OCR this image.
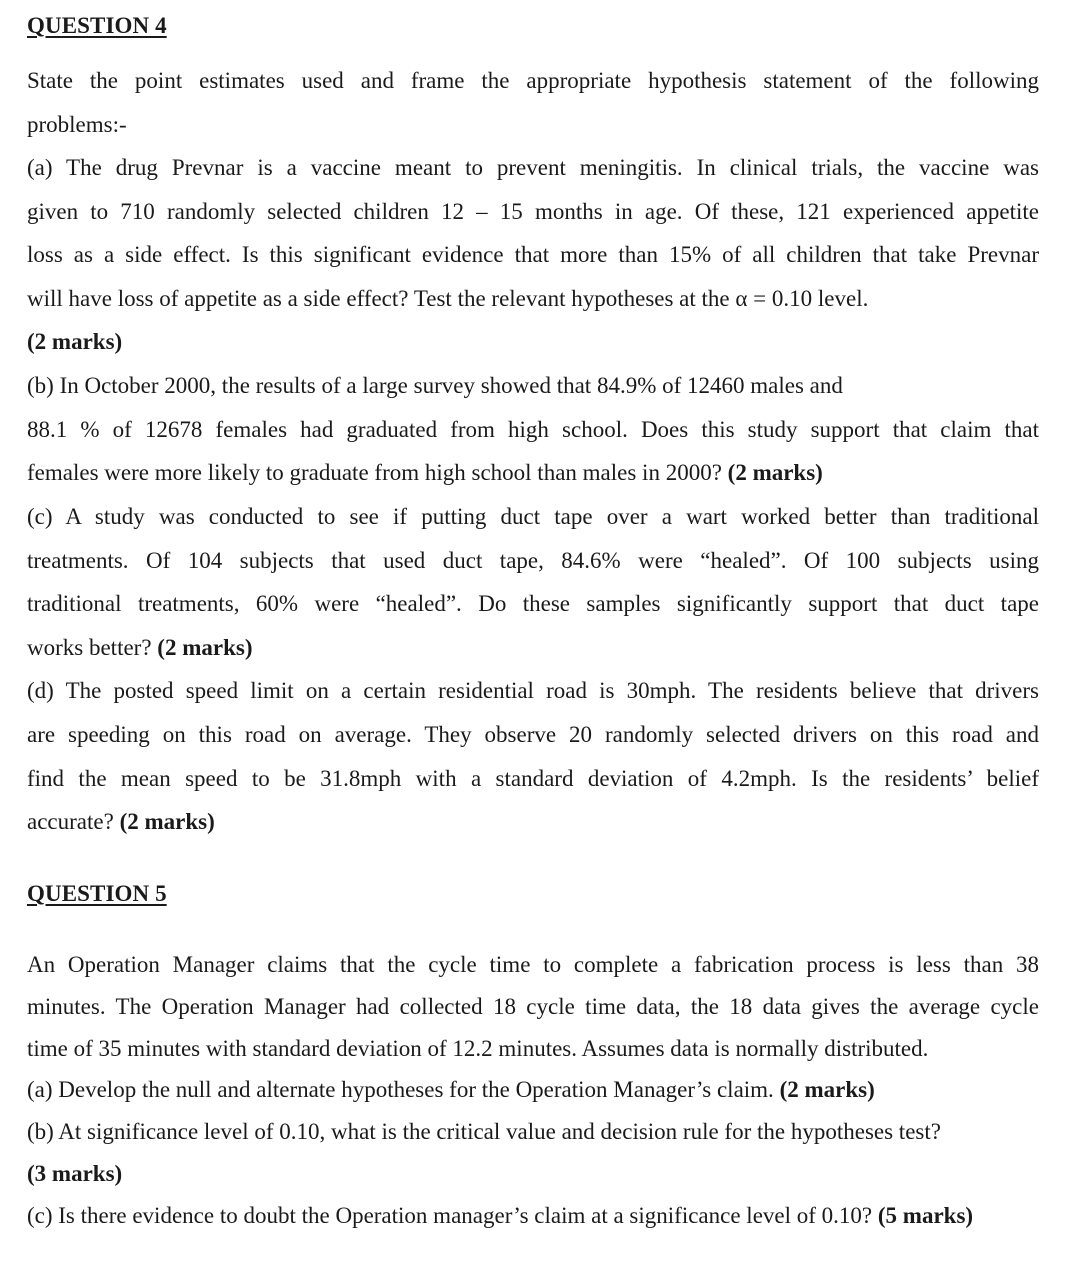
QUESTION 4
State the point estimates used and frame the appropriate hypothesis statement of the following
problems:-
(a) The drug Prevnar is a vaccine meant to prevent meningitis. In clinical trials, the vaccine was
given to 710 randomly selected children 12 – 15 months in age. Of these, 121 experienced appetite
loss as a side effect. Is this significant evidence that more than 15% of all children that take Prevnar
will have loss of appetite as a side effect? Test the relevant hypotheses at the α = 0.10 level.
(2 marks)
(b) In October 2000, the results of a large survey showed that 84.9% of 12460 males and
88.1 % of 12678 females had graduated from high school. Does this study support that claim that
females were more likely to graduate from high school than males in 2000? (2 marks)
(c) A study was conducted to see if putting duct tape over a wart worked better than traditional
treatments. Of 104 subjects that used duct tape, 84.6% were “healed”. Of 100 subjects using
traditional treatments, 60% were “healed”. Do these samples significantly support that duct tape
works better? (2 marks)
(d) The posted speed limit on a certain residential road is 30mph. The residents believe that drivers
are speeding on this road on average. They observe 20 randomly selected drivers on this road and
find the mean speed to be 31.8mph with a standard deviation of 4.2mph. Is the residents’ belief
accurate? (2 marks)
QUESTION 5
An Operation Manager claims that the cycle time to complete a fabrication process is less than 38
minutes. The Operation Manager had collected 18 cycle time data, the 18 data gives the average cycle
time of 35 minutes with standard deviation of 12.2 minutes. Assumes data is normally distributed.
(a) Develop the null and alternate hypotheses for the Operation Manager’s claim. (2 marks)
(b) At significance level of 0.10, what is the critical value and decision rule for the hypotheses test?
(3 marks)
(c) Is there evidence to doubt the Operation manager’s claim at a significance level of 0.10? (5 marks)
